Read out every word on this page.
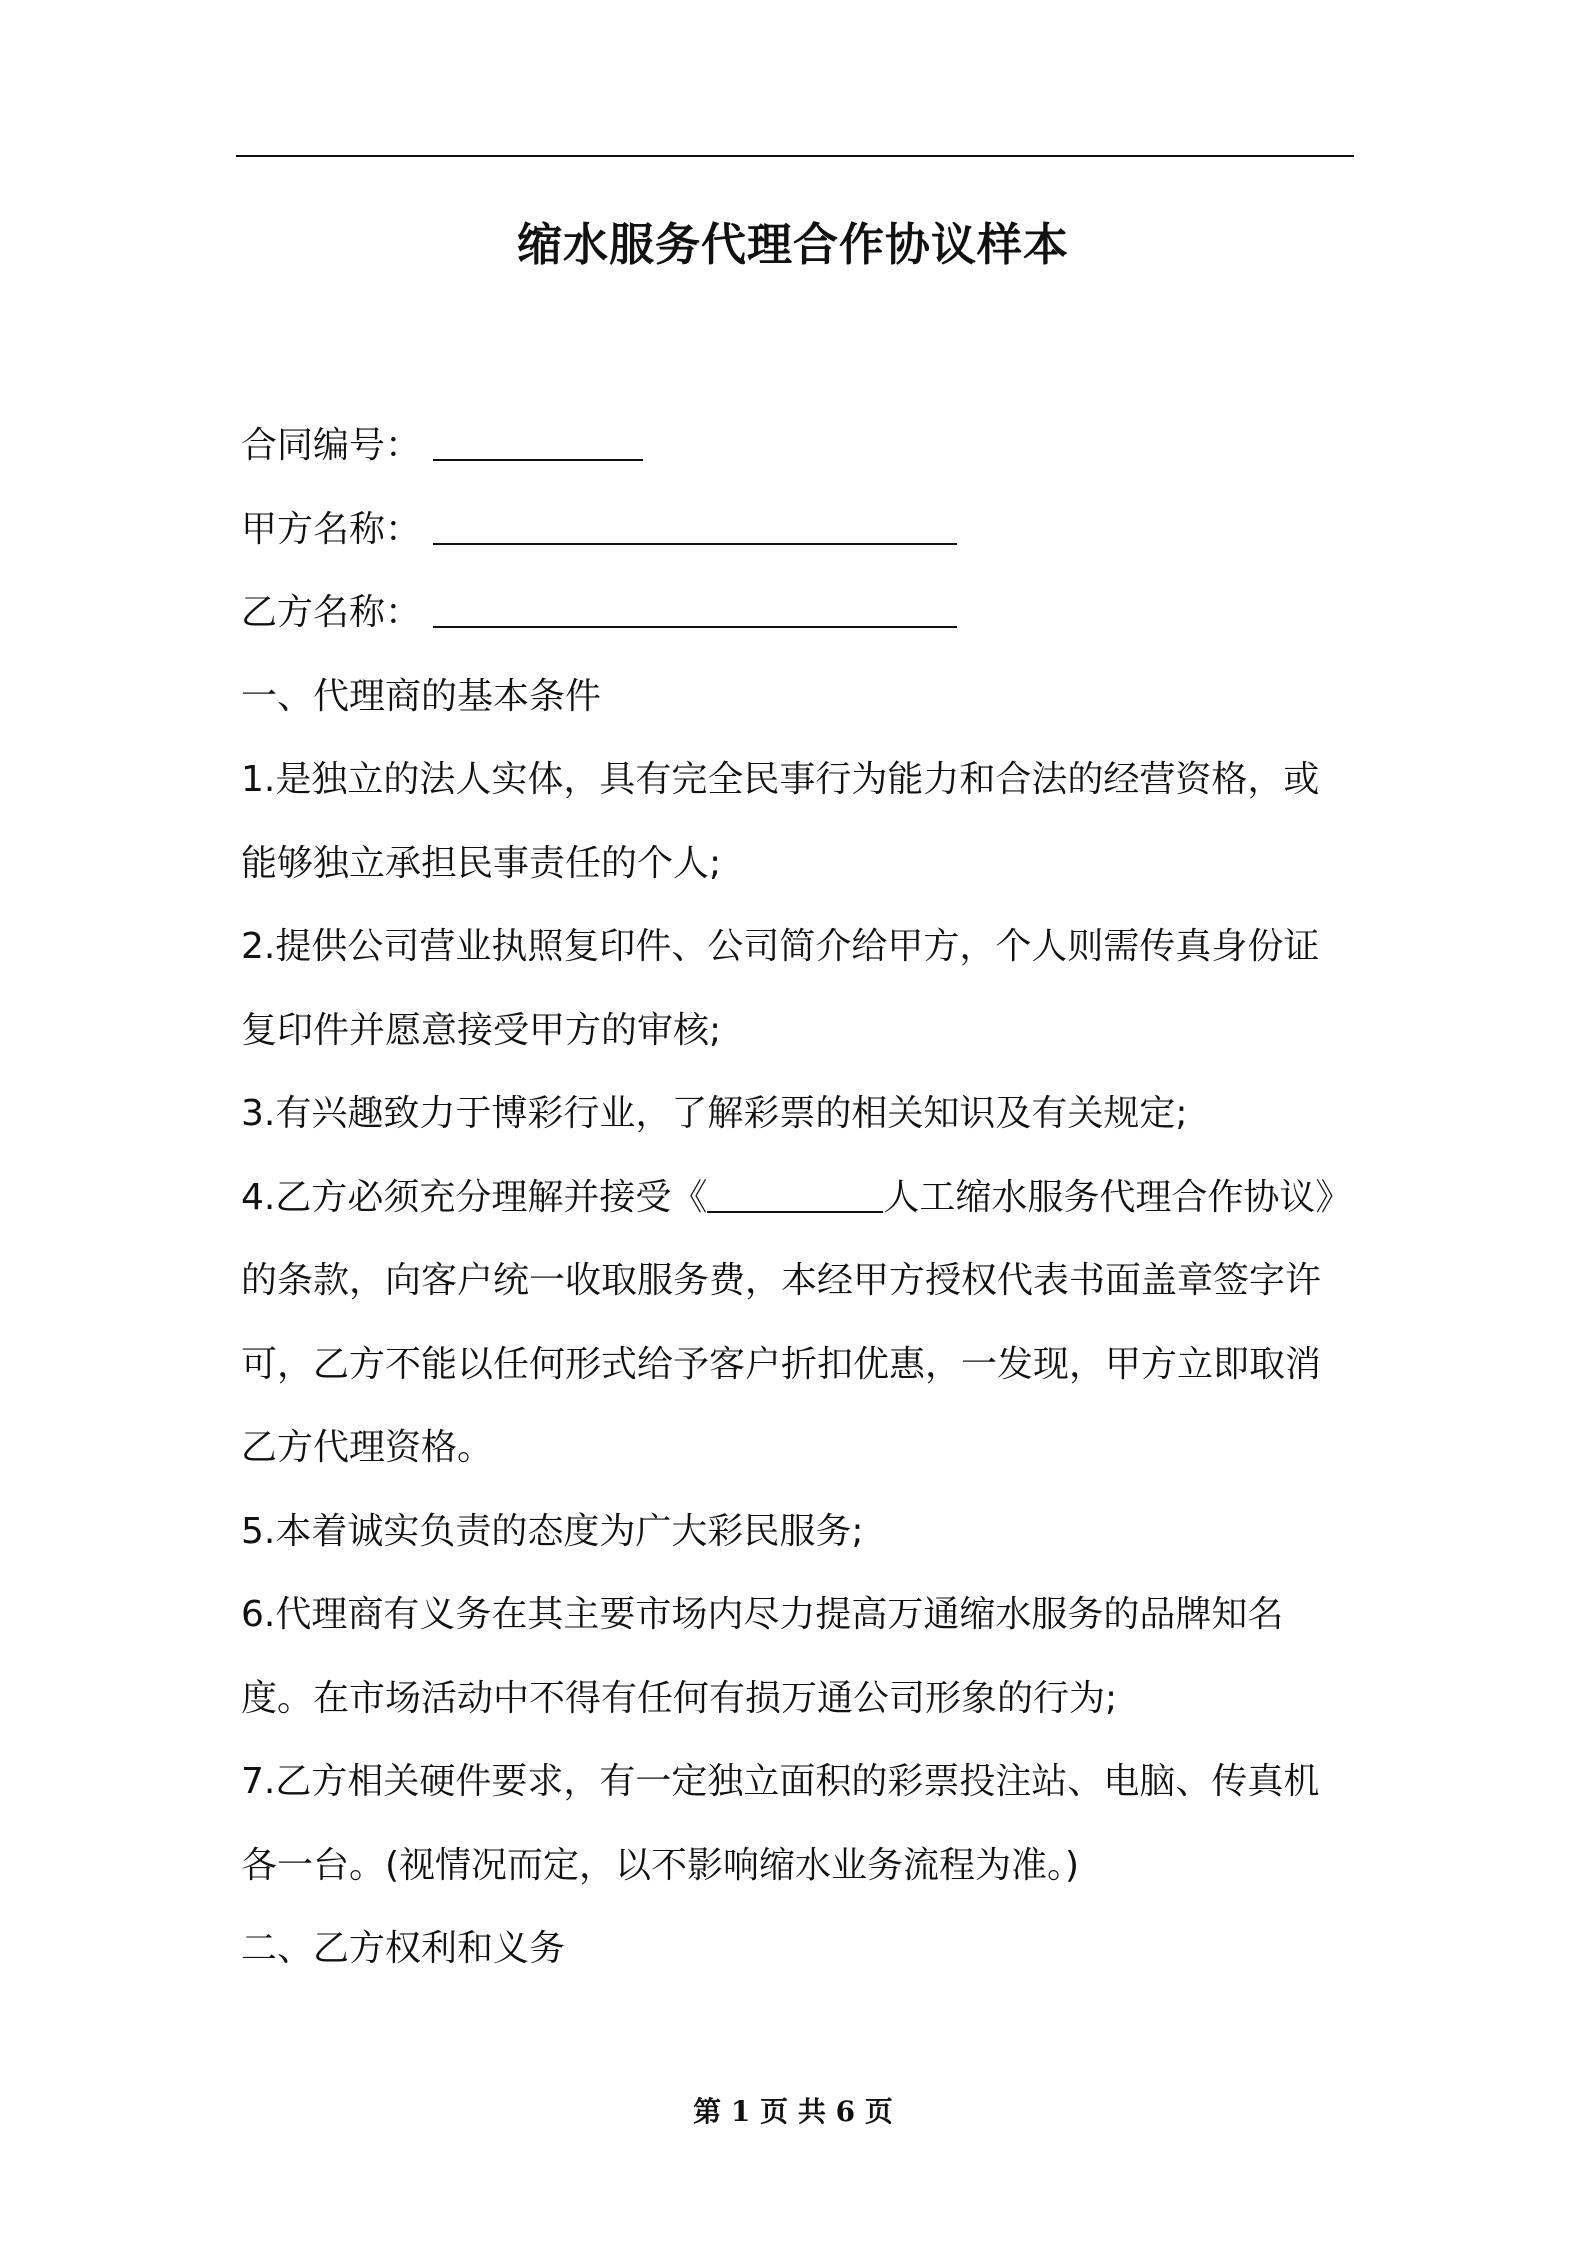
缩水服务代理合作协议样本
合同编号：
甲方名称：
乙方名称：
一、代理商的基本条件
1.是独立的法人实体，具有完全民事行为能力和合法的经营资格，或
能够独立承担民事责任的个人;
2.提供公司营业执照复印件、公司简介给甲方，个人则需传真身份证
复印件并愿意接受甲方的审核;
3.有兴趣致力于博彩行业，了解彩票的相关知识及有关规定;
4.乙方必须充分理解并接受《	人工缩水服务代理合作协议》
的条款，向客户统一收取服务费，本经甲方授权代表书面盖章签字许
可，乙方不能以任何形式给予客户折扣优惠，一发现，甲方立即取消
乙方代理资格。
5.本着诚实负责的态度为广大彩民服务;
6.代理商有义务在其主要市场内尽力提高万通缩水服务的品牌知名
度。在市场活动中不得有任何有损万通公司形象的行为;
7.乙方相关硬件要求，有一定独立面积的彩票投注站、电脑、传真机
各一台。(视情况而定，以不影响缩水业务流程为准。)
二、乙方权利和义务
第 1 页 共 6 页
